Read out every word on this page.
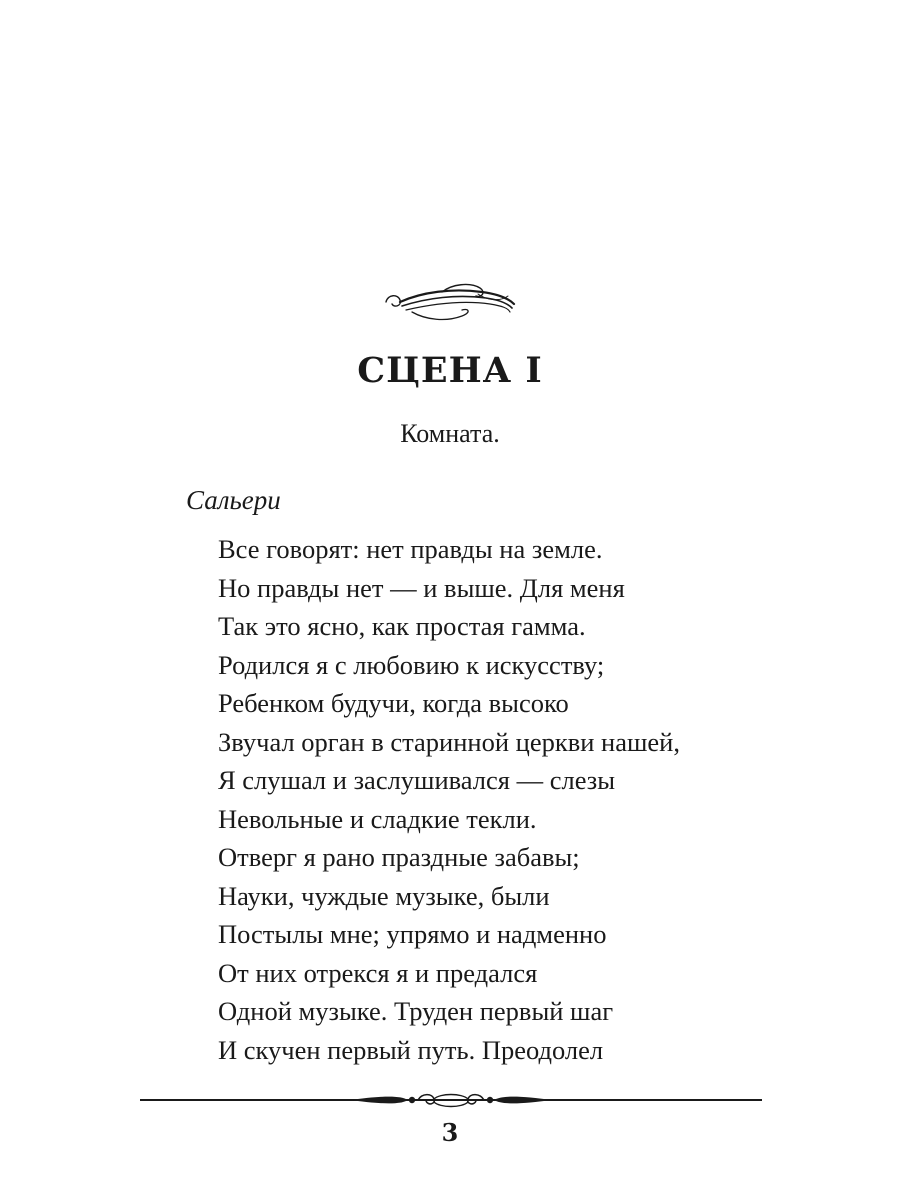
СЦЕНА I
Комната.
Сальери
Все говорят: нет правды на земле.
Но правды нет — и выше. Для меня
Так это ясно, как простая гамма.
Родился я с любовию к искусству;
Ребенком будучи, когда высоко
Звучал орган в старинной церкви нашей,
Я слушал и заслушивался — слезы
Невольные и сладкие текли.
Отверг я рано праздные забавы;
Науки, чуждые музыке, были
Постылы мне; упрямо и надменно
От них отрекся я и предался
Одной музыке. Труден первый шаг
И скучен первый путь. Преодолел
3
